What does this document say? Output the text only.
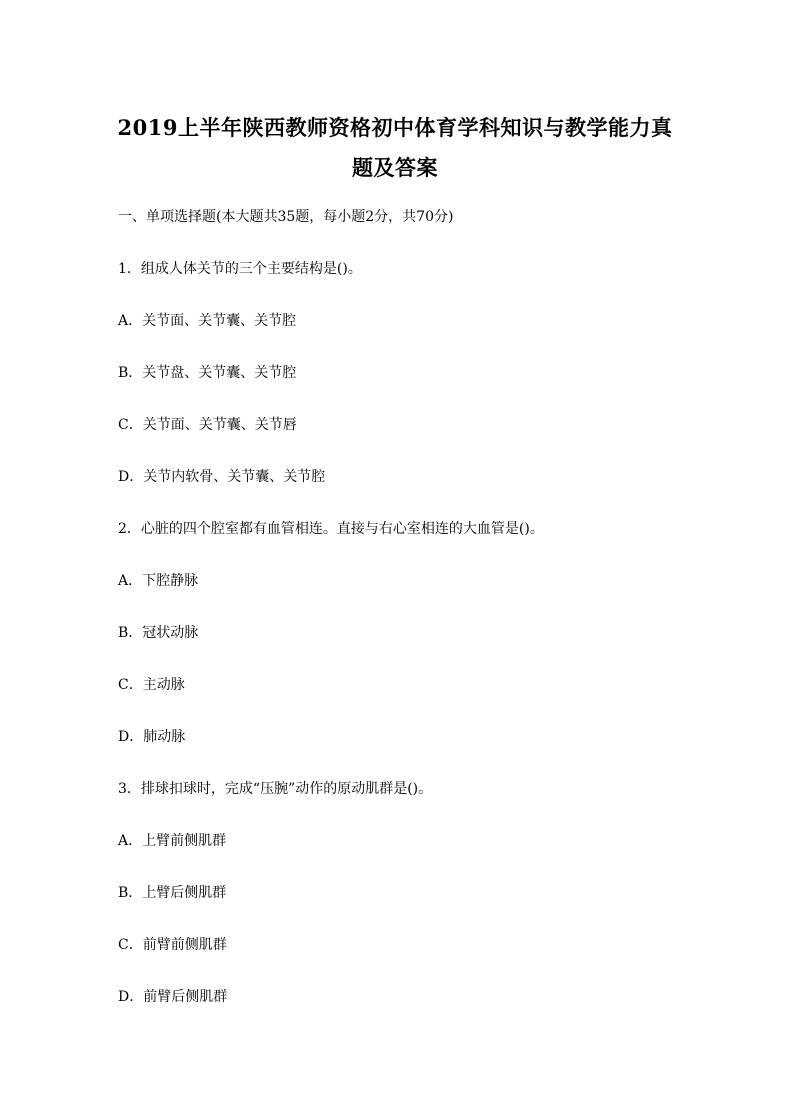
2019上半年陕西教师资格初中体育学科知识与教学能力真
题及答案
一、单项选择题(本大题共35题，每小题2分，共70分)
1．组成人体关节的三个主要结构是()。
A．关节面、关节囊、关节腔
B．关节盘、关节囊、关节腔
C．关节面、关节囊、关节唇
D．关节内软骨、关节囊、关节腔
2．心脏的四个腔室都有血管相连。直接与右心室相连的大血管是()。
A．下腔静脉
B．冠状动脉
C．主动脉
D．肺动脉
3．排球扣球时，完成“压腕”动作的原动肌群是()。
A．上臂前侧肌群
B．上臂后侧肌群
C．前臂前侧肌群
D．前臂后侧肌群
